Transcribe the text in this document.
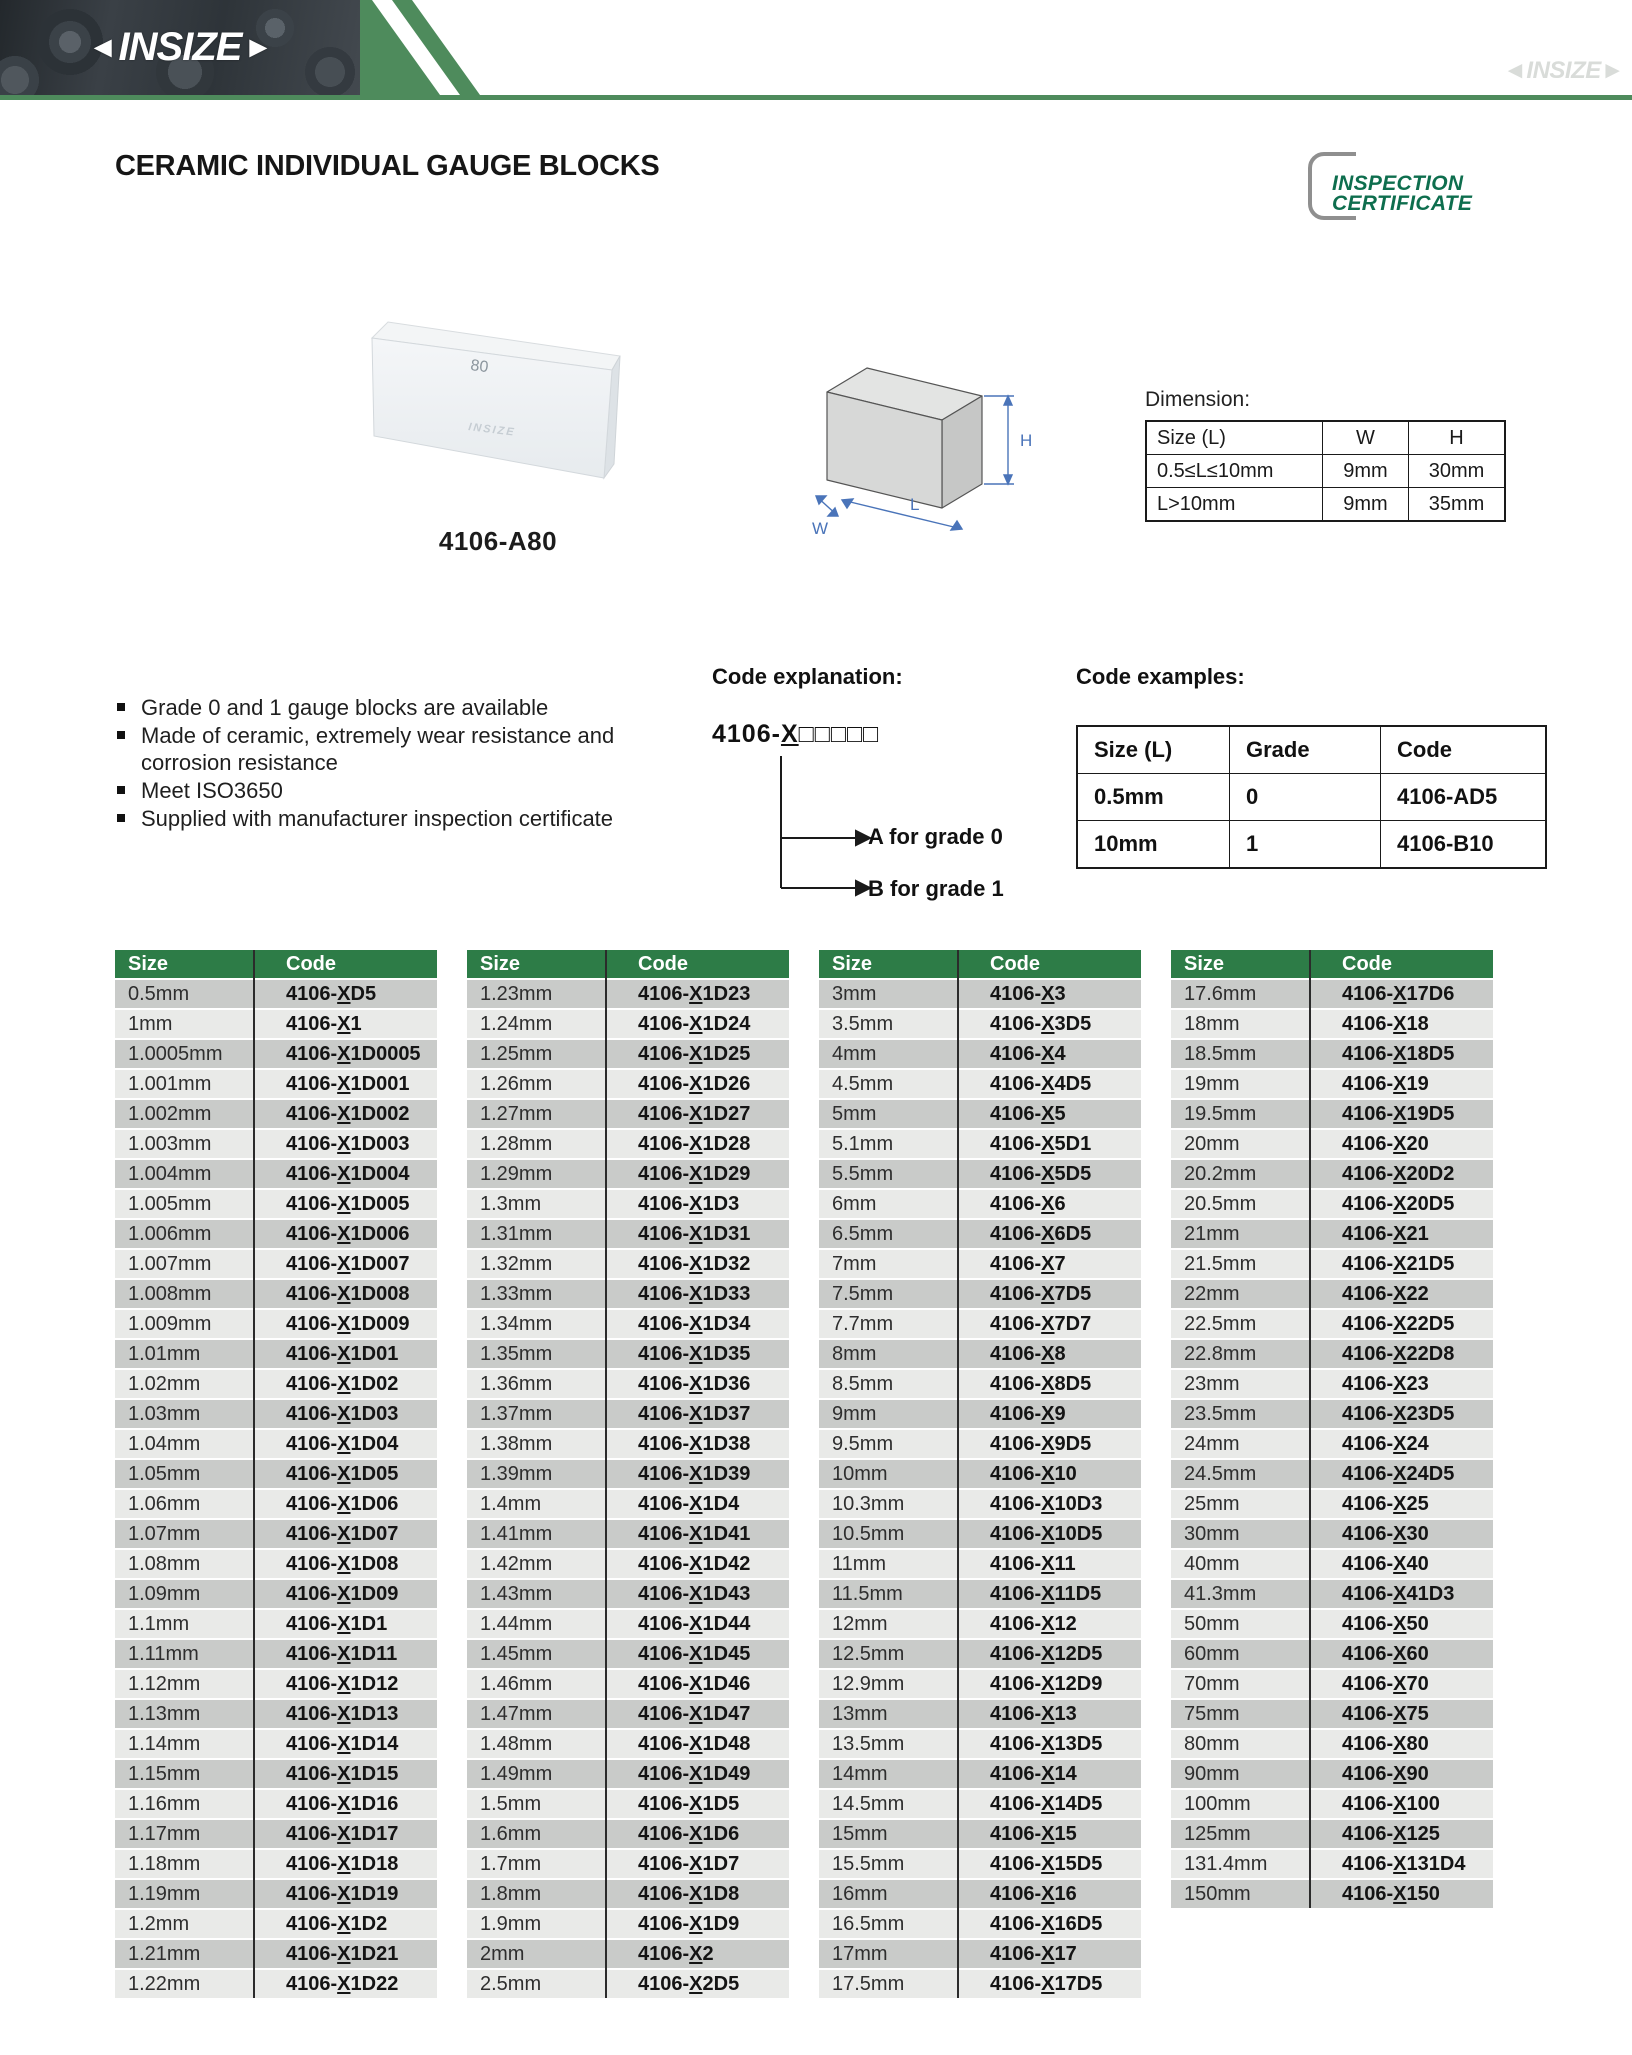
◄ INSIZE ►
◄INSIZE►
CERAMIC INDIVIDUAL GAUGE BLOCKS
INSPECTION
CERTIFICATE
80
INSIZE
4106-A80
H
L
W
Dimension:
Size (L)	W	H
0.5≤L≤10mm	9mm	30mm
L>10mm	9mm	35mm
Grade 0 and 1 gauge blocks are available
Made of ceramic, extremely wear resistance and corrosion resistance
Meet ISO3650
Supplied with manufacturer inspection certificate
Code explanation:
4106-X□□□□□
A for grade 0
B for grade 1
Code examples:
Size (L)	Grade	Code
0.5mm	0	4106-AD5
10mm	1	4106-B10
Size	Code
0.5mm	4106-XD5
1mm	4106-X1
1.0005mm	4106-X1D0005
1.001mm	4106-X1D001
1.002mm	4106-X1D002
1.003mm	4106-X1D003
1.004mm	4106-X1D004
1.005mm	4106-X1D005
1.006mm	4106-X1D006
1.007mm	4106-X1D007
1.008mm	4106-X1D008
1.009mm	4106-X1D009
1.01mm	4106-X1D01
1.02mm	4106-X1D02
1.03mm	4106-X1D03
1.04mm	4106-X1D04
1.05mm	4106-X1D05
1.06mm	4106-X1D06
1.07mm	4106-X1D07
1.08mm	4106-X1D08
1.09mm	4106-X1D09
1.1mm	4106-X1D1
1.11mm	4106-X1D11
1.12mm	4106-X1D12
1.13mm	4106-X1D13
1.14mm	4106-X1D14
1.15mm	4106-X1D15
1.16mm	4106-X1D16
1.17mm	4106-X1D17
1.18mm	4106-X1D18
1.19mm	4106-X1D19
1.2mm	4106-X1D2
1.21mm	4106-X1D21
1.22mm	4106-X1D22
Size	Code
1.23mm	4106-X1D23
1.24mm	4106-X1D24
1.25mm	4106-X1D25
1.26mm	4106-X1D26
1.27mm	4106-X1D27
1.28mm	4106-X1D28
1.29mm	4106-X1D29
1.3mm	4106-X1D3
1.31mm	4106-X1D31
1.32mm	4106-X1D32
1.33mm	4106-X1D33
1.34mm	4106-X1D34
1.35mm	4106-X1D35
1.36mm	4106-X1D36
1.37mm	4106-X1D37
1.38mm	4106-X1D38
1.39mm	4106-X1D39
1.4mm	4106-X1D4
1.41mm	4106-X1D41
1.42mm	4106-X1D42
1.43mm	4106-X1D43
1.44mm	4106-X1D44
1.45mm	4106-X1D45
1.46mm	4106-X1D46
1.47mm	4106-X1D47
1.48mm	4106-X1D48
1.49mm	4106-X1D49
1.5mm	4106-X1D5
1.6mm	4106-X1D6
1.7mm	4106-X1D7
1.8mm	4106-X1D8
1.9mm	4106-X1D9
2mm	4106-X2
2.5mm	4106-X2D5
Size	Code
3mm	4106-X3
3.5mm	4106-X3D5
4mm	4106-X4
4.5mm	4106-X4D5
5mm	4106-X5
5.1mm	4106-X5D1
5.5mm	4106-X5D5
6mm	4106-X6
6.5mm	4106-X6D5
7mm	4106-X7
7.5mm	4106-X7D5
7.7mm	4106-X7D7
8mm	4106-X8
8.5mm	4106-X8D5
9mm	4106-X9
9.5mm	4106-X9D5
10mm	4106-X10
10.3mm	4106-X10D3
10.5mm	4106-X10D5
11mm	4106-X11
11.5mm	4106-X11D5
12mm	4106-X12
12.5mm	4106-X12D5
12.9mm	4106-X12D9
13mm	4106-X13
13.5mm	4106-X13D5
14mm	4106-X14
14.5mm	4106-X14D5
15mm	4106-X15
15.5mm	4106-X15D5
16mm	4106-X16
16.5mm	4106-X16D5
17mm	4106-X17
17.5mm	4106-X17D5
Size	Code
17.6mm	4106-X17D6
18mm	4106-X18
18.5mm	4106-X18D5
19mm	4106-X19
19.5mm	4106-X19D5
20mm	4106-X20
20.2mm	4106-X20D2
20.5mm	4106-X20D5
21mm	4106-X21
21.5mm	4106-X21D5
22mm	4106-X22
22.5mm	4106-X22D5
22.8mm	4106-X22D8
23mm	4106-X23
23.5mm	4106-X23D5
24mm	4106-X24
24.5mm	4106-X24D5
25mm	4106-X25
30mm	4106-X30
40mm	4106-X40
41.3mm	4106-X41D3
50mm	4106-X50
60mm	4106-X60
70mm	4106-X70
75mm	4106-X75
80mm	4106-X80
90mm	4106-X90
100mm	4106-X100
125mm	4106-X125
131.4mm	4106-X131D4
150mm	4106-X150
